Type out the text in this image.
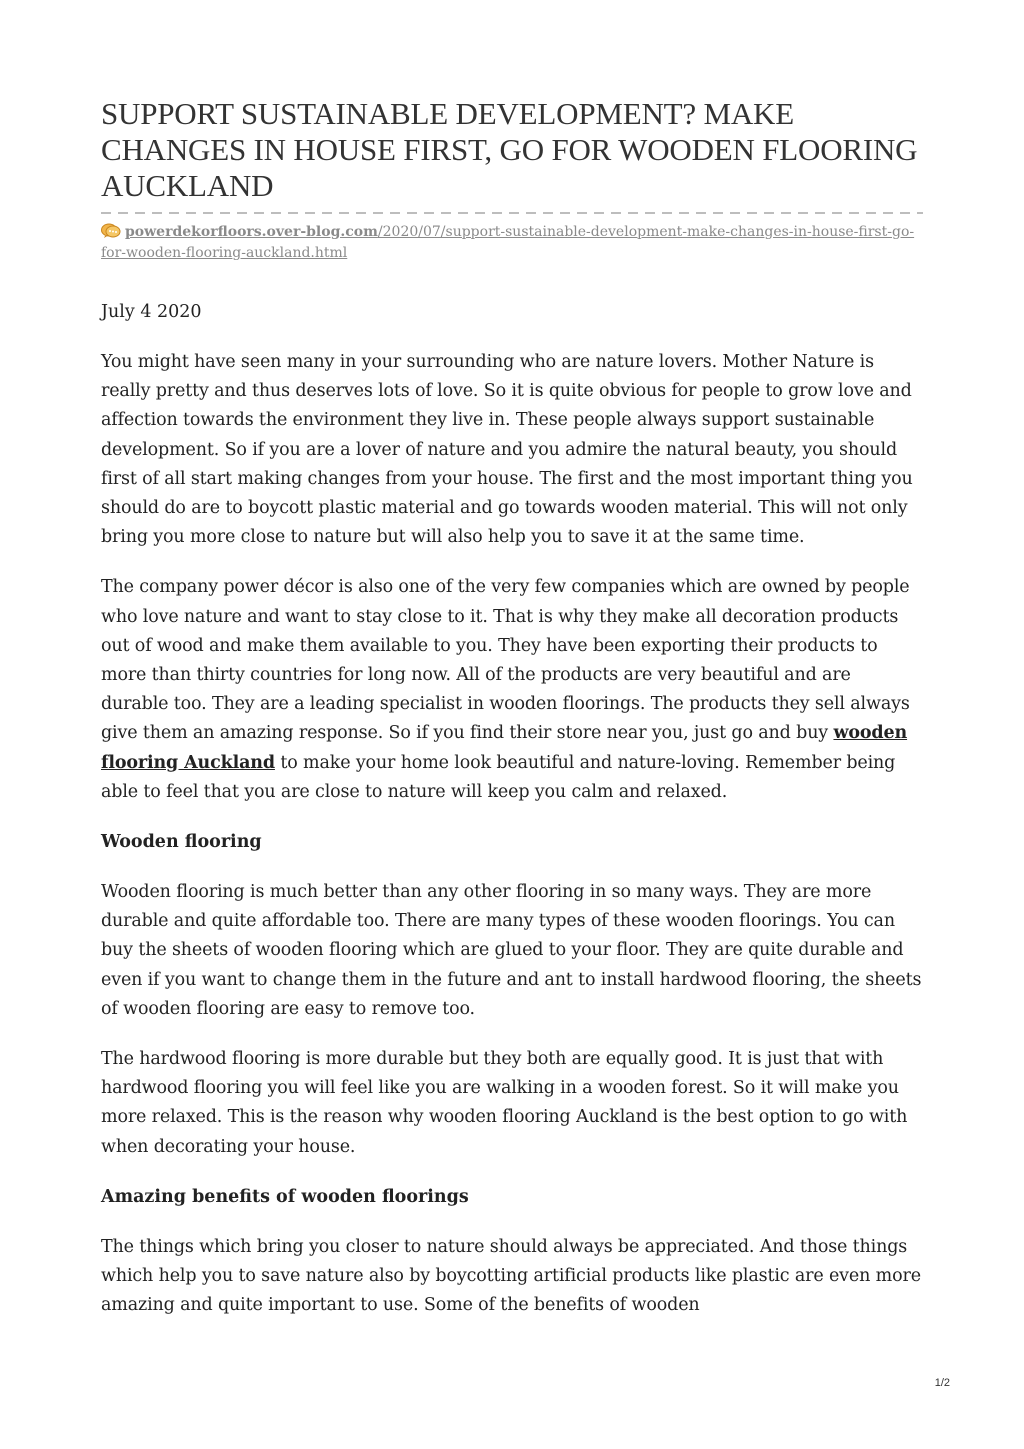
SUPPORT SUSTAINABLE DEVELOPMENT? MAKE CHANGES IN HOUSE FIRST, GO FOR WOODEN FLOORING AUCKLAND
powerdekorfloors.over-blog.com/2020/07/support-sustainable-development-make-changes-in-house-first-go-for-wooden-flooring-auckland.html
July 4 2020

You might have seen many in your surrounding who are nature lovers. Mother Nature is really pretty and thus deserves lots of love. So it is quite obvious for people to grow love and affection towards the environment they live in. These people always support sustainable development. So if you are a lover of nature and you admire the natural beauty, you should first of all start making changes from your house. The first and the most important thing you should do are to boycott plastic material and go towards wooden material. This will not only bring you more close to nature but will also help you to save it at the same time.

The company power décor is also one of the very few companies which are owned by people who love nature and want to stay close to it. That is why they make all decoration products out of wood and make them available to you. They have been exporting their products to more than thirty countries for long now. All of the products are very beautiful and are durable too. They are a leading specialist in wooden floorings. The products they sell always give them an amazing response. So if you find their store near you, just go and buy wooden flooring Auckland to make your home look beautiful and nature-loving. Remember being able to feel that you are close to nature will keep you calm and relaxed.

Wooden flooring

Wooden flooring is much better than any other flooring in so many ways. They are more durable and quite affordable too. There are many types of these wooden floorings. You can buy the sheets of wooden flooring which are glued to your floor. They are quite durable and even if you want to change them in the future and ant to install hardwood flooring, the sheets of wooden flooring are easy to remove too.

The hardwood flooring is more durable but they both are equally good. It is just that with hardwood flooring you will feel like you are walking in a wooden forest. So it will make you more relaxed. This is the reason why wooden flooring Auckland is the best option to go with when decorating your house.

Amazing benefits of wooden floorings

The things which bring you closer to nature should always be appreciated. And those things which help you to save nature also by boycotting artificial products like plastic are even more amazing and quite important to use. Some of the benefits of wooden

1/2
